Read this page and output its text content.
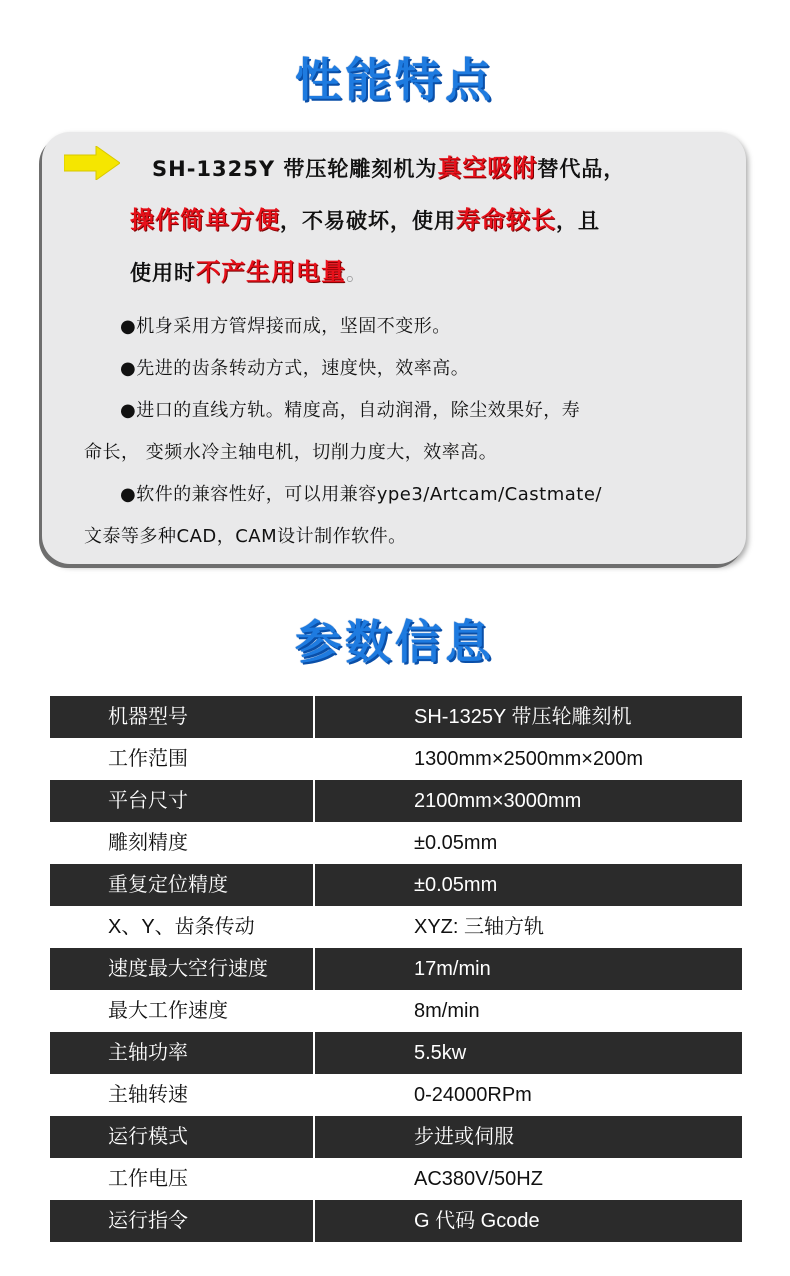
性能特点
SH-1325Y 带压轮雕刻机为真空吸附替代品，
操作简单方便，不易破坏，使用寿命较长，且
使用时不产生用电量。
●机身采用方管焊接而成，坚固不变形。
●先进的齿条转动方式，速度快，效率高。
●进口的直线方轨。精度高，自动润滑，除尘效果好，寿
命长， 变频水冷主轴电机，切削力度大，效率高。
●软件的兼容性好，可以用兼容ype3/Artcam/Castmate/
文泰等多种CAD，CAM设计制作软件。
参数信息
机器型号	SH-1325Y 带压轮雕刻机
工作范围	1300mm×2500mm×200m
平台尺寸	2100mm×3000mm
雕刻精度	±0.05mm
重复定位精度	±0.05mm
X、Y、齿条传动	XYZ: 三轴方轨
速度最大空行速度	17m/min
最大工作速度	8m/min
主轴功率	5.5kw
主轴转速	0-24000RPm
运行模式	步进或伺服
工作电压	AC380V/50HZ
运行指令	G 代码 Gcode
